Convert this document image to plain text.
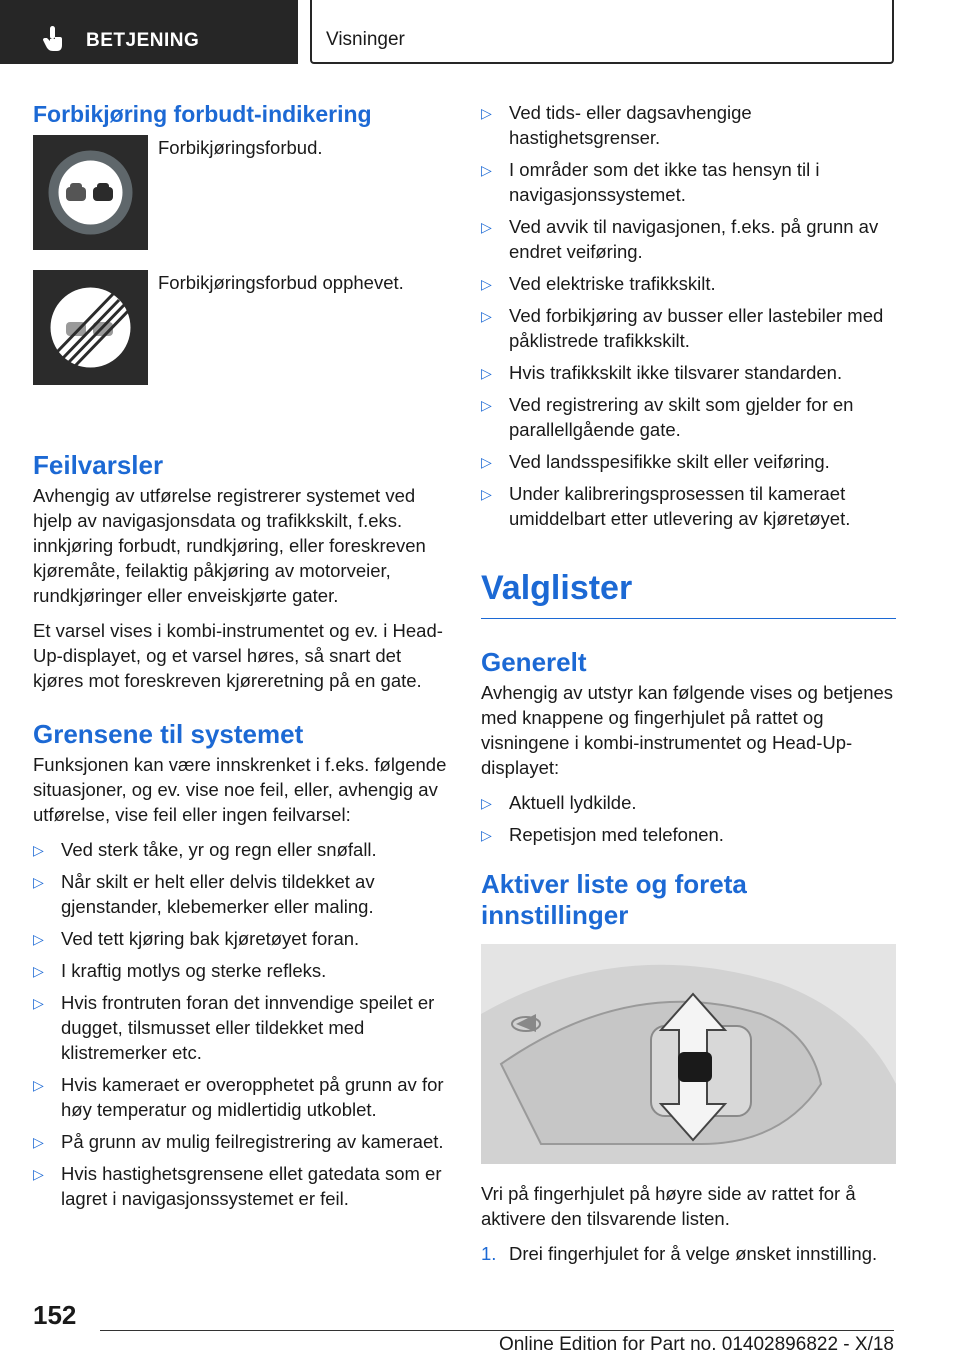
BETJENING	Visninger
Forbikjøring forbudt-indikering
Forbikjøringsforbud.
Forbikjøringsforbud opphevet.
Feilvarsler

Avhengig av utførelse registrerer systemet ved hjelp av navigasjonsdata og trafikkskilt, f.eks. innkjøring forbudt, rundkjøring, eller foreskreven kjøremåte, feilaktig påkjøring av motorveier, rundkjøringer eller enveiskjørte gater.

Et varsel vises i kombi-instrumentet og ev. i Head-Up-displayet, og et varsel høres, så snart det kjøres mot foreskreven kjøreretning på en gate.

Grensene til systemet

Funksjonen kan være innskrenket i f.eks. følgende situasjoner, og ev. vise noe feil, eller, avhengig av utførelse, vise feil eller ingen feilvarsel:

▷ Ved sterk tåke, yr og regn eller snøfall.
▷ Når skilt er helt eller delvis tildekket av gjenstander, klebemerker eller maling.
▷ Ved tett kjøring bak kjøretøyet foran.
▷ I kraftig motlys og sterke refleks.
▷ Hvis frontruten foran det innvendige speilet er dugget, tilsmusset eller tildekket med klistremerker etc.
▷ Hvis kameraet er overopphetet på grunn av for høy temperatur og midlertidig utkoblet.
▷ På grunn av mulig feilregistrering av kameraet.
▷ Hvis hastighetsgrensene ellet gatedata som er lagret i navigasjonssystemet er feil.
▷ Ved tids- eller dagsavhengige hastighetsgrenser.
▷ I områder som det ikke tas hensyn til i navigasjonssystemet.
▷ Ved avvik til navigasjonen, f.eks. på grunn av endret veiføring.
▷ Ved elektriske trafikkskilt.
▷ Ved forbikjøring av busser eller lastebiler med påklistrede trafikkskilt.
▷ Hvis trafikkskilt ikke tilsvarer standarden.
▷ Ved registrering av skilt som gjelder for en parallellgående gate.
▷ Ved landsspesifikke skilt eller veiføring.
▷ Under kalibreringsprosessen til kameraet umiddelbart etter utlevering av kjøretøyet.
Valglister
Generelt

Avhengig av utstyr kan følgende vises og betjenes med knappene og fingerhjulet på rattet og visningene i kombi-instrumentet og Head-Up-displayet:

▷ Aktuell lydkilde.
▷ Repetisjon med telefonen.
Aktiver liste og foreta innstillinger

Vri på fingerhjulet på høyre side av rattet for å aktivere den tilsvarende listen.

1. Drei fingerhjulet for å velge ønsket innstilling.
152
Online Edition for Part no. 01402896822 - X/18
